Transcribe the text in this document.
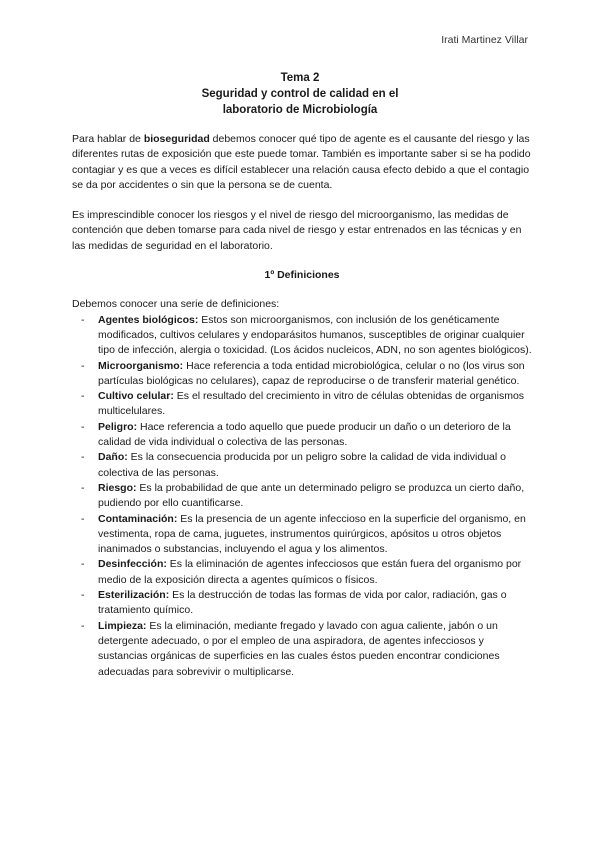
Irati Martinez Villar
Tema 2
Seguridad y control de calidad en el
laboratorio de Microbiología

Para hablar de bioseguridad debemos conocer qué tipo de agente es el causante del riesgo y las diferentes rutas de exposición que este puede tomar. También es importante saber si se ha podido contagiar y es que a veces es difícil establecer una relación causa efecto debido a que el contagio se da por accidentes o sin que la persona se de cuenta.

Es imprescindible conocer los riesgos y el nivel de riesgo del microorganismo, las medidas de contención que deben tomarse para cada nivel de riesgo y estar entrenados en las técnicas y en las medidas de seguridad en el laboratorio.

1º Definiciones

Debemos conocer una serie de definiciones:

- Agentes biológicos: Estos son microorganismos, con inclusión de los genéticamente modificados, cultivos celulares y endoparásitos humanos, susceptibles de originar cualquier tipo de infección, alergia o toxicidad. (Los ácidos nucleicos, ADN, no son agentes biológicos).
- Microorganismo: Hace referencia a toda entidad microbiológica, celular o no (los virus son partículas biológicas no celulares), capaz de reproducirse o de transferir material genético.
- Cultivo celular: Es el resultado del crecimiento in vitro de células obtenidas de organismos multicelulares.
- Peligro: Hace referencia a todo aquello que puede producir un daño o un deterioro de la calidad de vida individual o colectiva de las personas.
- Daño: Es la consecuencia producida por un peligro sobre la calidad de vida individual o colectiva de las personas.
- Riesgo: Es la probabilidad de que ante un determinado peligro se produzca un cierto daño, pudiendo por ello cuantificarse.
- Contaminación: Es la presencia de un agente infeccioso en la superficie del organismo, en vestimenta, ropa de cama, juguetes, instrumentos quirúrgicos, apósitos u otros objetos inanimados o substancias, incluyendo el agua y los alimentos.
- Desinfección: Es la eliminación de agentes infecciosos que están fuera del organismo por medio de la exposición directa a agentes químicos o físicos.
- Esterilización: Es la destrucción de todas las formas de vida por calor, radiación, gas o tratamiento químico.
- Limpieza: Es la eliminación, mediante fregado y lavado con agua caliente, jabón o un detergente adecuado, o por el empleo de una aspiradora, de agentes infecciosos y sustancias orgánicas de superficies en las cuales éstos pueden encontrar condiciones adecuadas para sobrevivir o multiplicarse.
